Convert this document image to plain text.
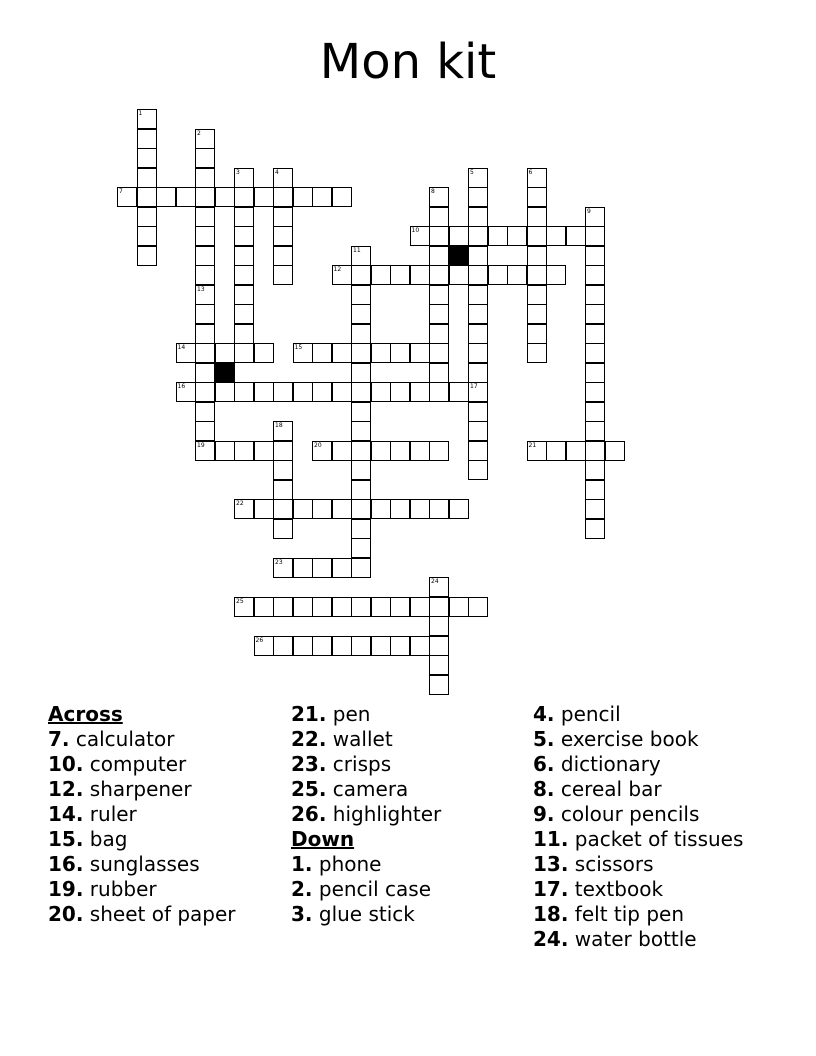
Mon kit
1
2
3	4	5	6
7	8
9
10
11
12
13
14	15
16	17
18
19	20	21
22
23
24
25
26
Across
7. calculator
10. computer
12. sharpener
14. ruler
15. bag
16. sunglasses
19. rubber
20. sheet of paper
21. pen
22. wallet
23. crisps
25. camera
26. highlighter
Down
1. phone
2. pencil case
3. glue stick
4. pencil
5. exercise book
6. dictionary
8. cereal bar
9. colour pencils
11. packet of tissues
13. scissors
17. textbook
18. felt tip pen
24. water bottle
